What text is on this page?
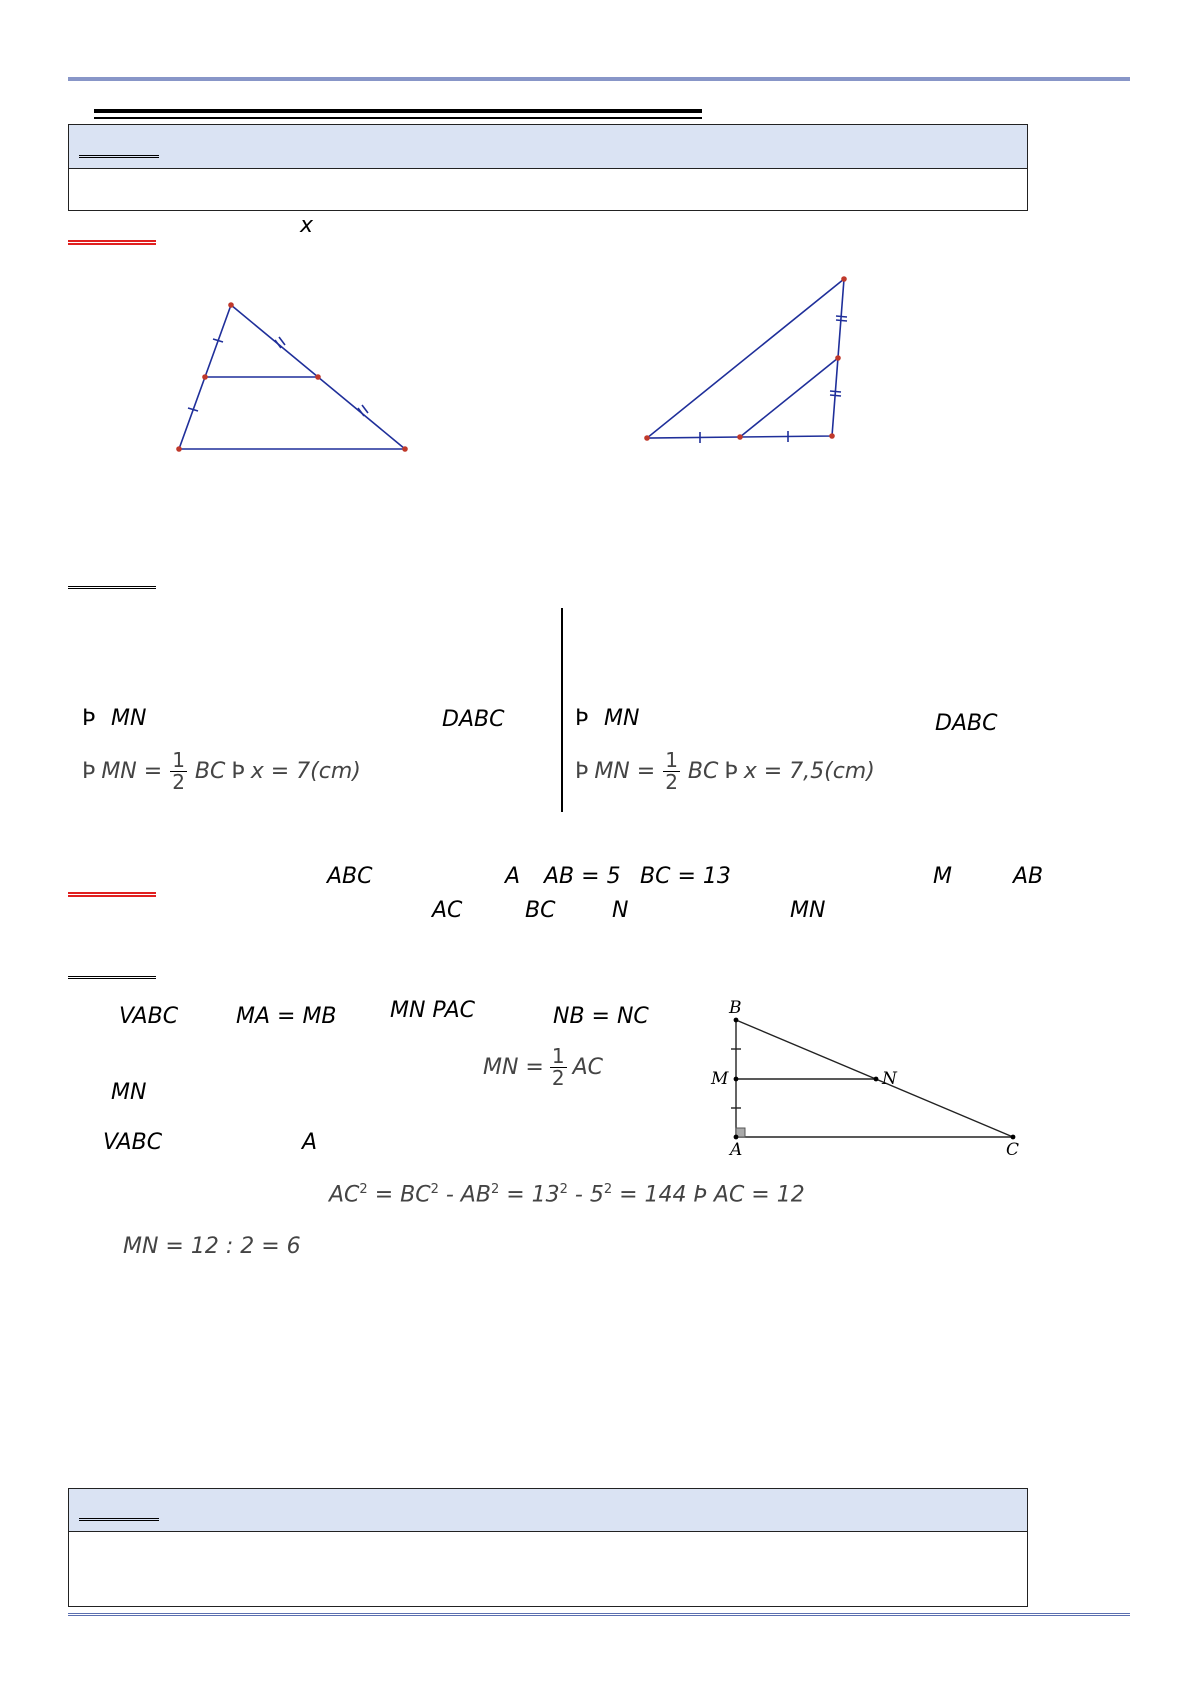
x
Þ MN	DABC
Þ MN = $\frac{1}{2}$ BC Þ x = 7(cm)
Þ MN	DABC
Þ MN = $\frac{1}{2}$ BC Þ x = 7,5(cm)
ABC	A AB = 5 BC = 13	M	AB
AC	BC	N	MN
VABC	MA = MB MN PAC	NB = NC
MN = $\frac{1}{2}$ AC
MN
VABC	A
$AC^2 = BC^2 - AB^2 = 13^2 - 5^2 = 144$ Þ AC = 12
MN = 12 : 2 = 6
B
M	N
A	C
